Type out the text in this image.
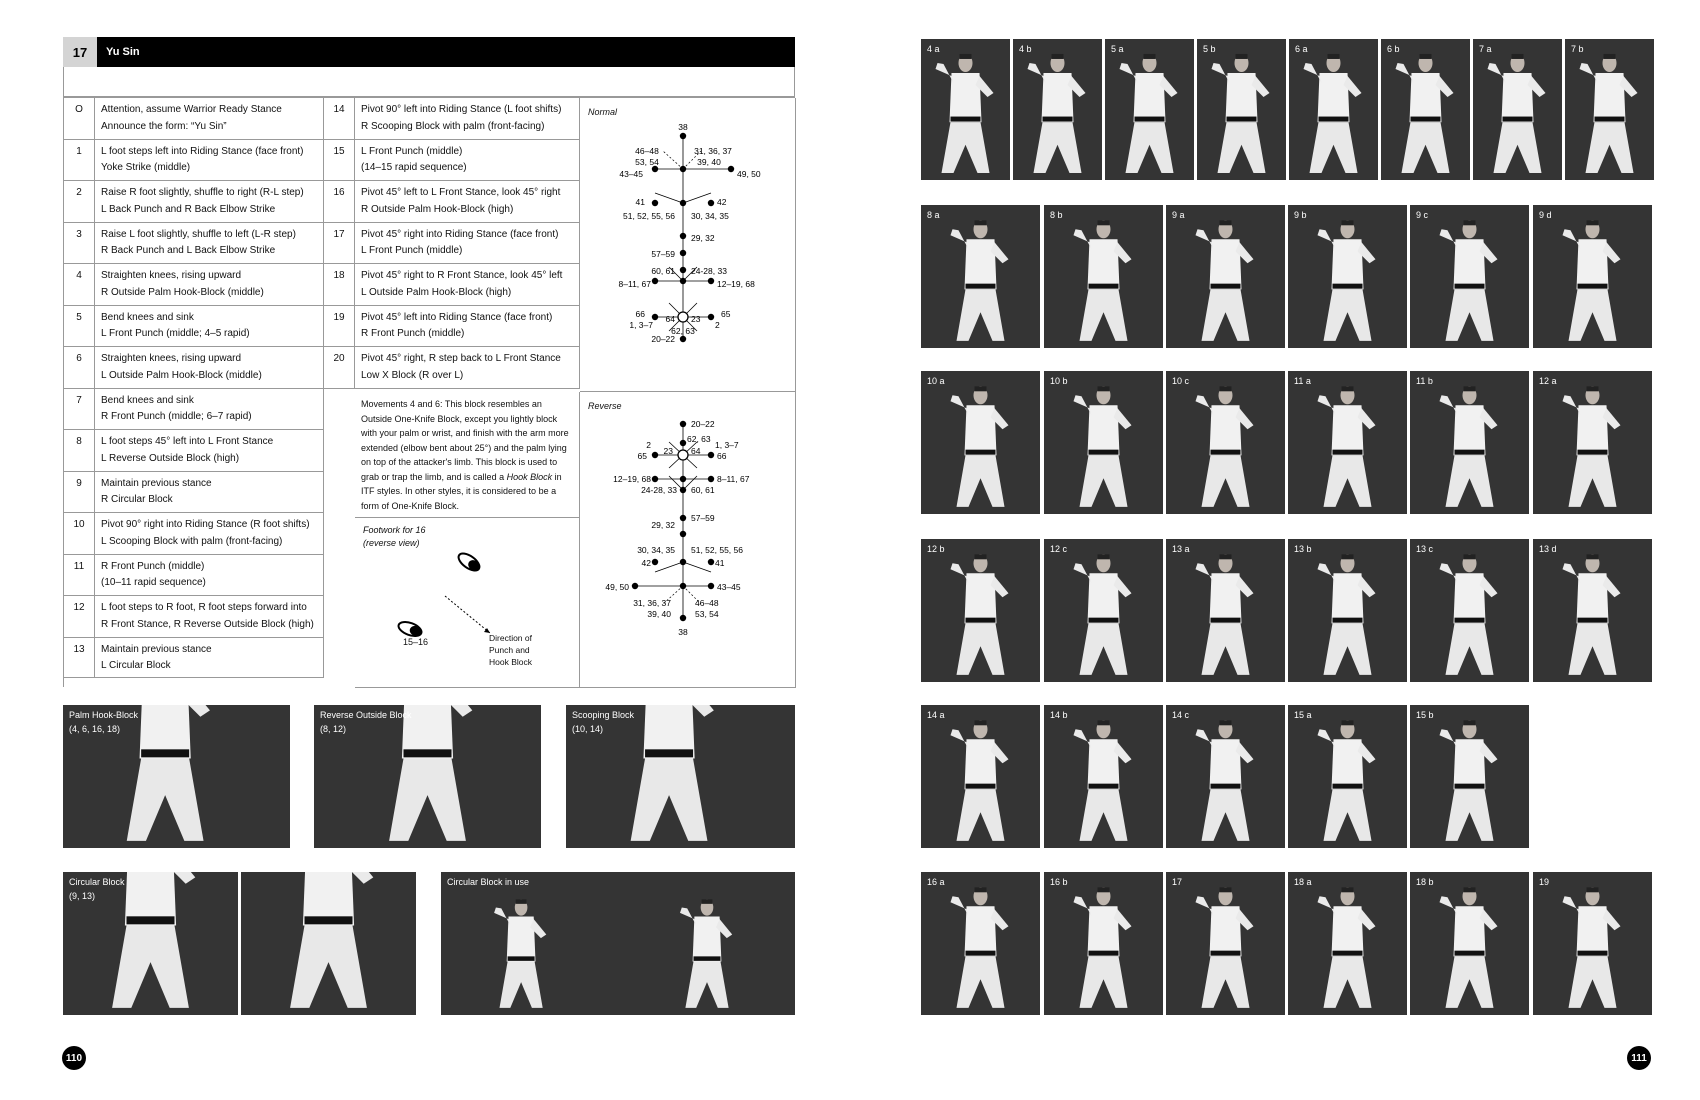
17	Yu Sin
O	Attention, assume Warrior Ready Stance
Announce the form: “Yu Sin”
1	L foot steps left into Riding Stance (face front)
Yoke Strike (middle)
2	Raise R foot slightly, shuffle to right (R-L step)
L Back Punch and R Back Elbow Strike
3	Raise L foot slightly, shuffle to left (L-R step)
R Back Punch and L Back Elbow Strike
4	Straighten knees, rising upward
R Outside Palm Hook-Block (middle)
5	Bend knees and sink
L Front Punch (middle; 4–5 rapid)
6	Straighten knees, rising upward
L Outside Palm Hook-Block (middle)
7	Bend knees and sink
R Front Punch (middle; 6–7 rapid)
8	L foot steps 45° left into L Front Stance
L Reverse Outside Block (high)
9	Maintain previous stance
R Circular Block
10	Pivot 90° right into Riding Stance (R foot shifts)
L Scooping Block with palm (front-facing)
11	R Front Punch (middle)
(10–11 rapid sequence)
12	L foot steps to R foot, R foot steps forward into
R Front Stance, R Reverse Outside Block (high)
13	Maintain previous stance
L Circular Block
14	Pivot 90° left into Riding Stance (L foot shifts)
R Scooping Block with palm (front-facing)
15	L Front Punch (middle)
(14–15 rapid sequence)
16	Pivot 45° left to L Front Stance, look 45° right
R Outside Palm Hook-Block (high)
17	Pivot 45° right into Riding Stance (face front)
L Front Punch (middle)
18	Pivot 45° right to R Front Stance, look 45° left
L Outside Palm Hook-Block (high)
19	Pivot 45° left into Riding Stance (face front)
R Front Punch (middle)
20	Pivot 45° right, R step back to L Front Stance
Low X Block (R over L)
Movements 4 and 6: This block resembles an Outside One-Knife Block, except you lightly block with your palm or wrist, and finish with the arm more extended (elbow bent about 25°) and the palm lying on top of the attacker's limb. This block is used to grab or trap the limb, and is called a Hook Block in ITF styles. In other styles, it is considered to be a form of One-Knife Block.
Footwork for 16
(reverse view)
15–16	Direction of Punch and Hook Block
Normal
38
46–48
53, 54
31, 36, 37
39, 40
43–45	49, 50
41	42
51, 52, 55, 56 30, 34, 35
29, 32
57–59
60, 61 24-28, 33
8–11, 67	12–19, 68
66
1, 3–7
64 23
62, 63
65
2
20–22
Reverse
20–22
62, 63
2
65 23 64
1, 3–7
66
12–19, 68	8–11, 67
24-28, 33 60, 61
57–59
29, 32
30, 34, 35 51, 52, 55, 56
42	41
49, 50	43–45
31, 36, 37
39, 40
46–48
53, 54
38
Palm Hook-Block
(4, 6, 16, 18)
Reverse Outside Block
(8, 12)
Scooping Block
(10, 14)
Circular Block
(9, 13)
Circular Block in use
4 a	4 b	5 a	5 b	6 a	6 b	7 a	7 b
8 a	8 b	9 a	9 b	9 c	9 d
10 a	10 b	10 c	11 a	11 b	12 a
12 b	12 c	13 a	13 b	13 c	13 d
14 a	14 b	14 c	15 a	15 b
16 a	16 b	17	18 a	18 b	19
110	111
